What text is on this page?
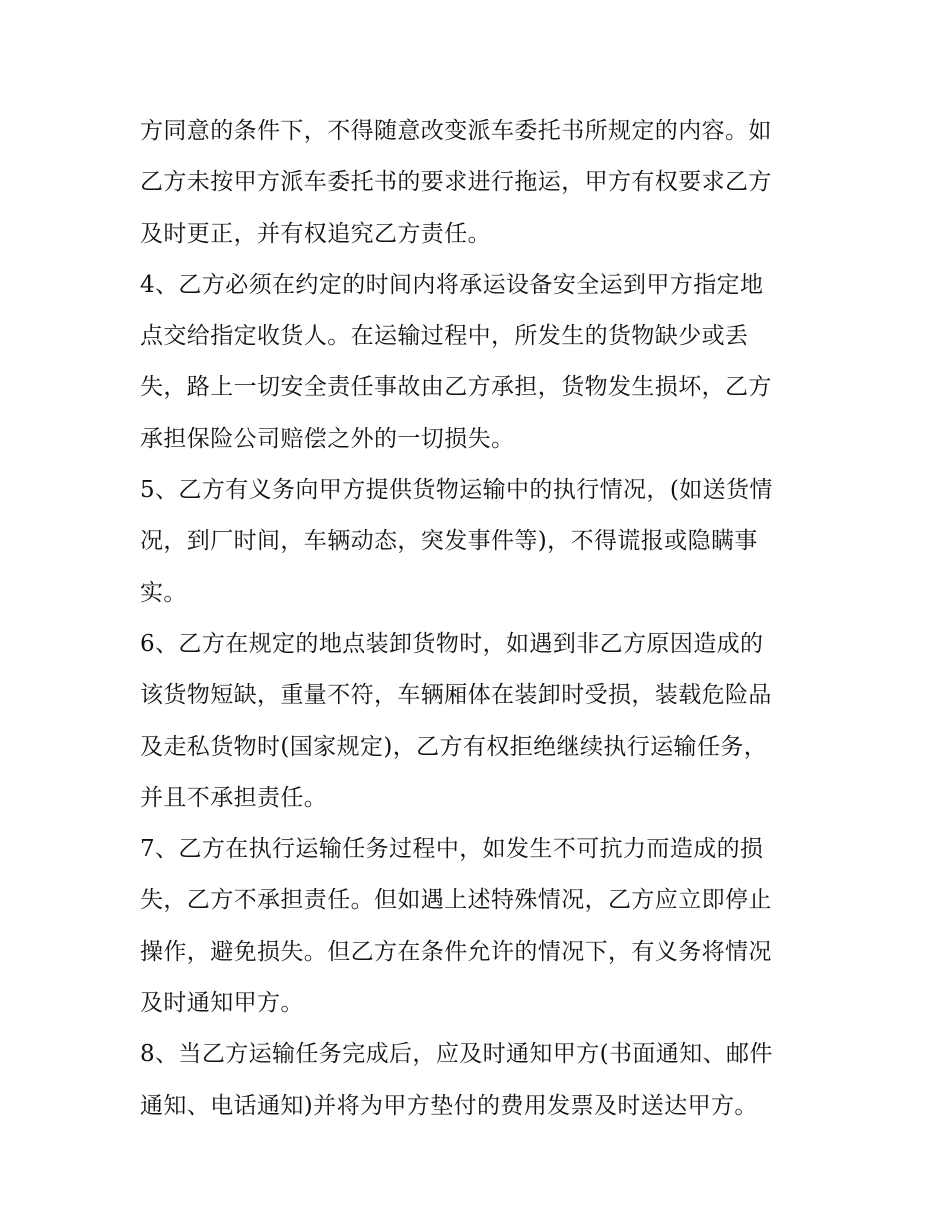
方同意的条件下，不得随意改变派车委托书所规定的内容。如
乙方未按甲方派车委托书的要求进行拖运，甲方有权要求乙方
及时更正，并有权追究乙方责任。
4、乙方必须在约定的时间内将承运设备安全运到甲方指定地
点交给指定收货人。在运输过程中，所发生的货物缺少或丢
失，路上一切安全责任事故由乙方承担，货物发生损坏，乙方
承担保险公司赔偿之外的一切损失。
5、乙方有义务向甲方提供货物运输中的执行情况，(如送货情
况，到厂时间，车辆动态，突发事件等)，不得谎报或隐瞒事
实。
6、乙方在规定的地点装卸货物时，如遇到非乙方原因造成的
该货物短缺，重量不符，车辆厢体在装卸时受损，装载危险品
及走私货物时(国家规定)，乙方有权拒绝继续执行运输任务，
并且不承担责任。
7、乙方在执行运输任务过程中，如发生不可抗力而造成的损
失，乙方不承担责任。但如遇上述特殊情况，乙方应立即停止
操作，避免损失。但乙方在条件允许的情况下，有义务将情况
及时通知甲方。
8、当乙方运输任务完成后，应及时通知甲方(书面通知、邮件
通知、电话通知)并将为甲方垫付的费用发票及时送达甲方。
